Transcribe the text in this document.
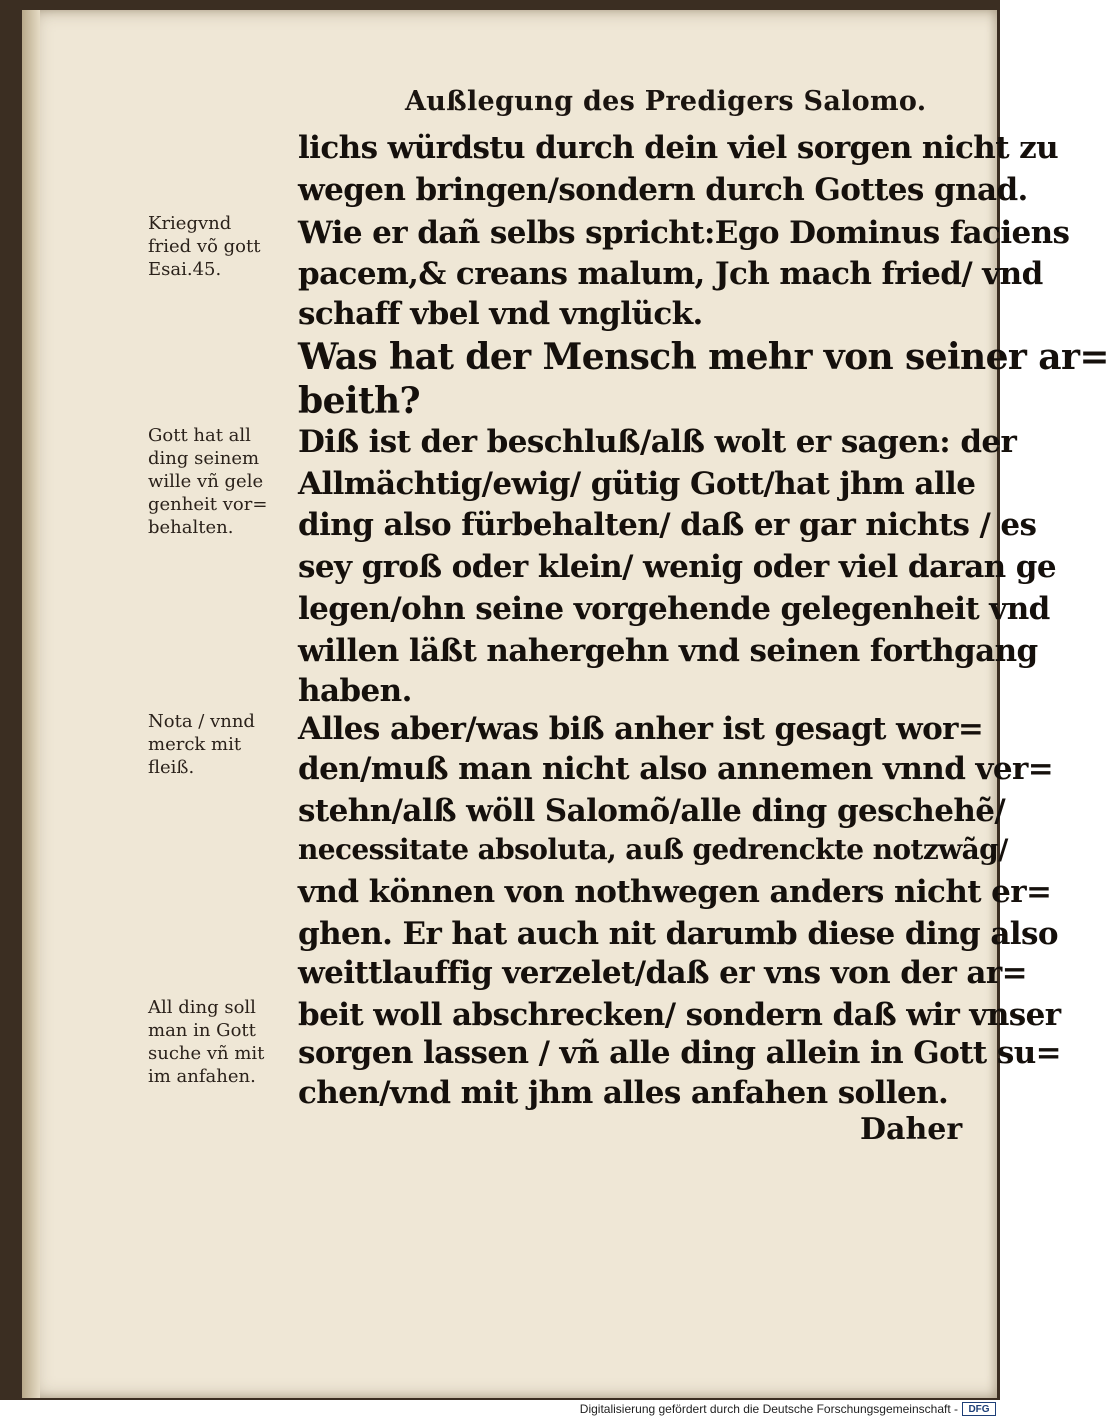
Außlegung des Predigers Salomo.
lichs würdstu durch dein viel sorgen nicht zu
wegen bringen/sondern durch Gottes gnad.
Wie er dañ selbs spricht:Ego Dominus faciens
pacem,& creans malum, Jch mach fried/ vnd
schaff vbel vnd vnglück.
Was hat der Mensch mehr von seiner ar=
beith?
Diß ist der beschluß/alß wolt er sagen: der
Allmächtig/ewig/ gütig Gott/hat jhm alle
ding also fürbehalten/ daß er gar nichts / es
sey groß oder klein/ wenig oder viel daran ge
legen/ohn seine vorgehende gelegenheit vnd
willen läßt nahergehn vnd seinen forthgang
haben.
Alles aber/was biß anher ist gesagt wor=
den/muß man nicht also annemen vnnd ver=
stehn/alß wöll Salomõ/alle ding geschehẽ/
necessitate absoluta, auß gedrenckte notzwãg/
vnd können von nothwegen anders nicht er=
ghen. Er hat auch nit darumb diese ding also
weittlauffig verzelet/daß er vns von der ar=
beit woll abschrecken/ sondern daß wir vnser
sorgen lassen / vñ alle ding allein in Gott su=
chen/vnd mit jhm alles anfahen sollen.
Kriegvnd
fried võ gott
Esai.45.
Gott hat all
ding seinem
wille vñ gele
genheit vor=
behalten.
Nota / vnnd
merck mit
fleiß.
All ding soll
man in Gott
suche vñ mit
im anfahen.
Daher
Digitalisierung gefördert durch die Deutsche Forschungsgemeinschaft -	DFG
